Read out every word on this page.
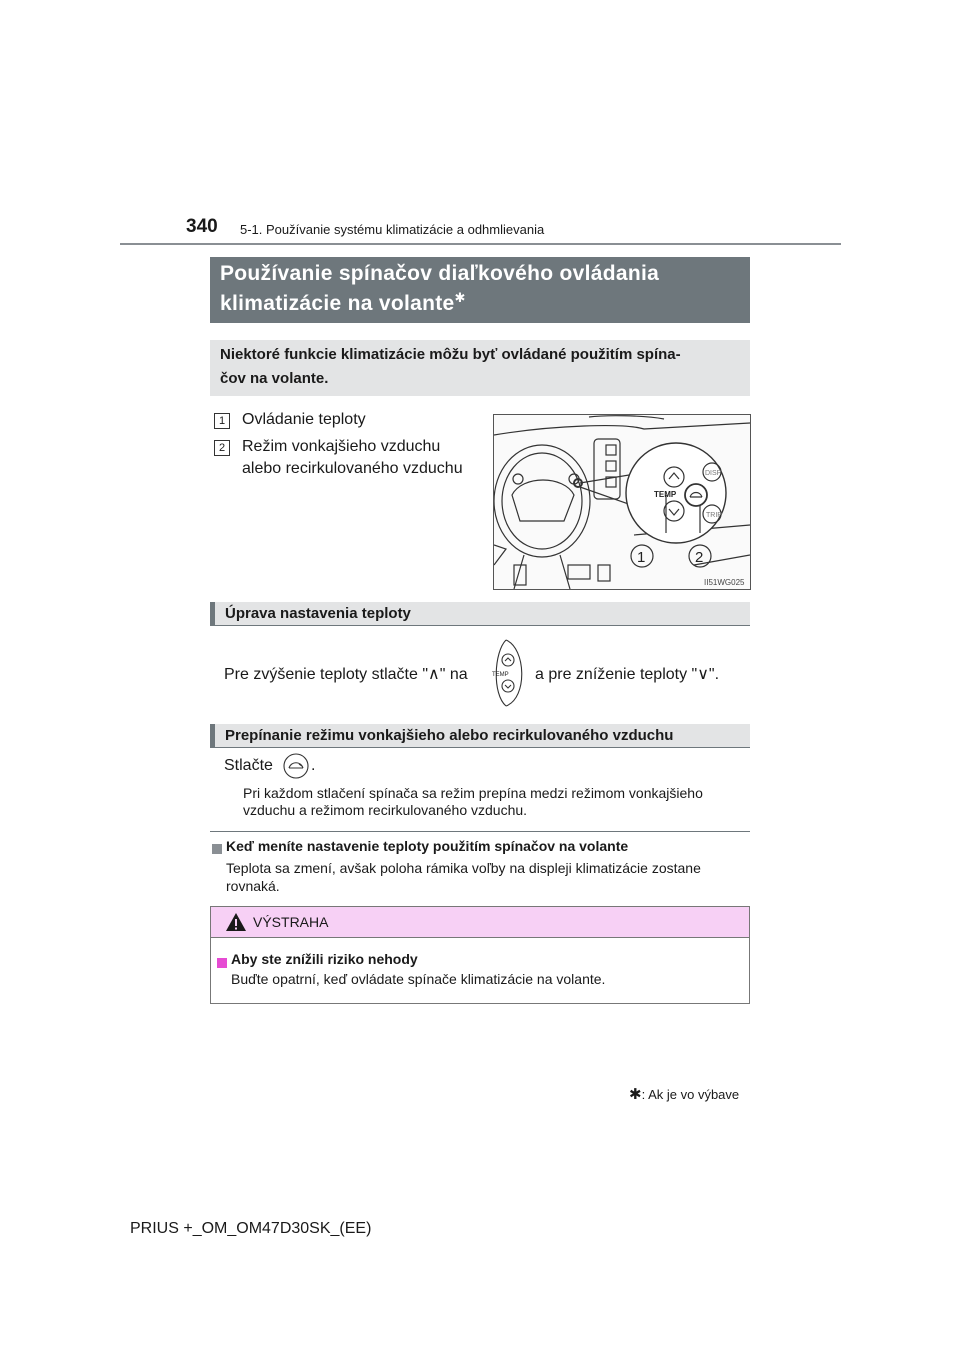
340 5-1. Používanie systému klimatizácie a odhmlievania
Používanie spínačov diaľkového ovládania
klimatizácie na volante✱
Niektoré funkcie klimatizácie môžu byť ovládané použitím spína-
čov na volante.
1	Ovládanie teploty
2	Režim vonkajšieho vzduchu
alebo recirkulovaného vzduchu
TEMP
DISP
TRIP
1	2
II51WG025
Úprava nastavenia teploty
Pre zvýšenie teploty stlačte "∧" na	TEMP a pre zníženie teploty "∨".
Prepínanie režimu vonkajšieho alebo recirkulovaného vzduchu
Stlačte .
Pri každom stlačení spínača sa režim prepína medzi režimom vonkajšieho
vzduchu a režimom recirkulovaného vzduchu.
Keď meníte nastavenie teploty použitím spínačov na volante
Teplota sa zmení, avšak poloha rámika voľby na displeji klimatizácie zostane
rovnaká.
VÝSTRAHA
Aby ste znížili riziko nehody
Buďte opatrní, keď ovládate spínače klimatizácie na volante.
✱: Ak je vo výbave
PRIUS +_OM_OM47D30SK_(EE)
